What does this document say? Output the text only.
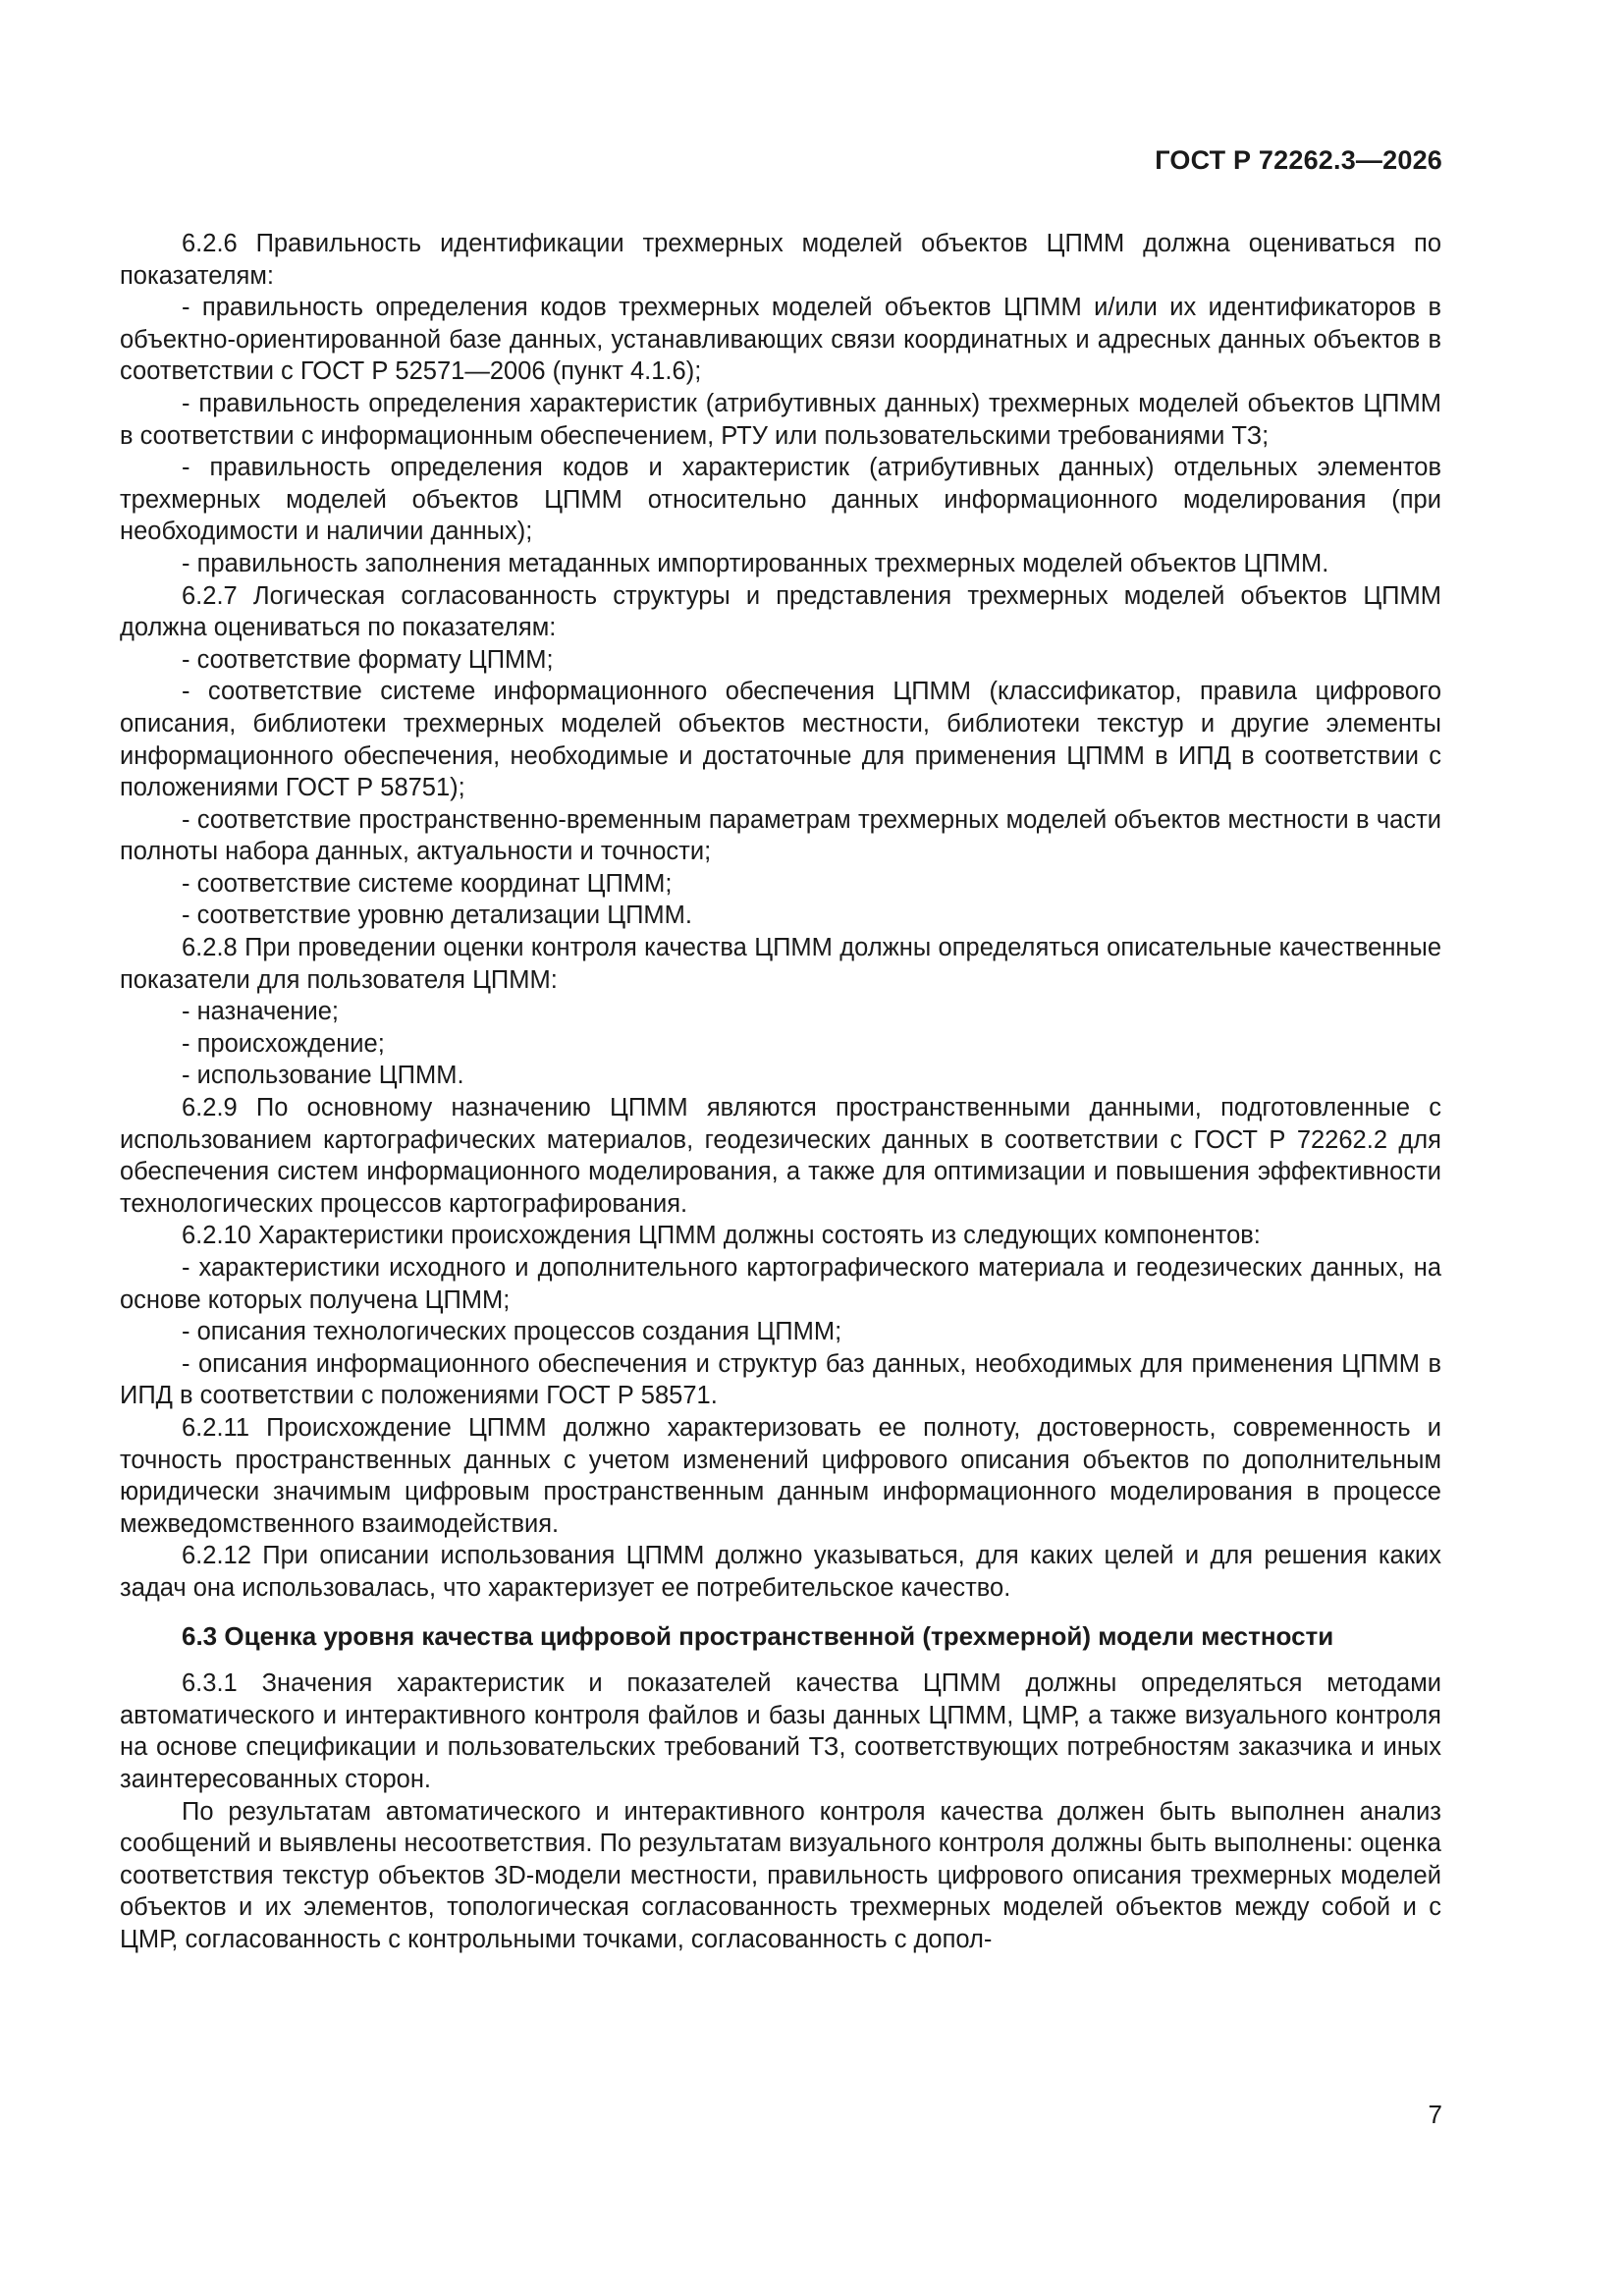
ГОСТ Р 72262.3—2026

6.2.6 Правильность идентификации трехмерных моделей объектов ЦПММ должна оцениваться по показателям:

- правильность определения кодов трехмерных моделей объектов ЦПММ и/или их идентификаторов в объектно-ориентированной базе данных, устанавливающих связи координатных и адресных данных объектов в соответствии с ГОСТ Р 52571—2006 (пункт 4.1.6);

- правильность определения характеристик (атрибутивных данных) трехмерных моделей объектов ЦПММ в соответствии с информационным обеспечением, РТУ или пользовательскими требованиями ТЗ;

- правильность определения кодов и характеристик (атрибутивных данных) отдельных элементов трехмерных моделей объектов ЦПММ относительно данных информационного моделирования (при необходимости и наличии данных);

- правильность заполнения метаданных импортированных трехмерных моделей объектов ЦПММ.

6.2.7 Логическая согласованность структуры и представления трехмерных моделей объектов ЦПММ должна оцениваться по показателям:

- соответствие формату ЦПММ;

- соответствие системе информационного обеспечения ЦПММ (классификатор, правила цифрового описания, библиотеки трехмерных моделей объектов местности, библиотеки текстур и другие элементы информационного обеспечения, необходимые и достаточные для применения ЦПММ в ИПД в соответствии с положениями ГОСТ Р 58751);

- соответствие пространственно-временным параметрам трехмерных моделей объектов местности в части полноты набора данных, актуальности и точности;

- соответствие системе координат ЦПММ;

- соответствие уровню детализации ЦПММ.

6.2.8 При проведении оценки контроля качества ЦПММ должны определяться описательные качественные показатели для пользователя ЦПММ:

- назначение;

- происхождение;

- использование ЦПММ.

6.2.9 По основному назначению ЦПММ являются пространственными данными, подготовленные с использованием картографических материалов, геодезических данных в соответствии с ГОСТ Р 72262.2 для обеспечения систем информационного моделирования, а также для оптимизации и повышения эффективности технологических процессов картографирования.

6.2.10 Характеристики происхождения ЦПММ должны состоять из следующих компонентов:

- характеристики исходного и дополнительного картографического материала и геодезических данных, на основе которых получена ЦПММ;

- описания технологических процессов создания ЦПММ;

- описания информационного обеспечения и структур баз данных, необходимых для применения ЦПММ в ИПД в соответствии с положениями ГОСТ Р 58571.

6.2.11 Происхождение ЦПММ должно характеризовать ее полноту, достоверность, современность и точность пространственных данных с учетом изменений цифрового описания объектов по дополнительным юридически значимым цифровым пространственным данным информационного моделирования в процессе межведомственного взаимодействия.

6.2.12 При описании использования ЦПММ должно указываться, для каких целей и для решения каких задач она использовалась, что характеризует ее потребительское качество.

6.3 Оценка уровня качества цифровой пространственной (трехмерной) модели местности

6.3.1 Значения характеристик и показателей качества ЦПММ должны определяться методами автоматического и интерактивного контроля файлов и базы данных ЦПММ, ЦМР, а также визуального контроля на основе спецификации и пользовательских требований ТЗ, соответствующих потребностям заказчика и иных заинтересованных сторон.

По результатам автоматического и интерактивного контроля качества должен быть выполнен анализ сообщений и выявлены несоответствия. По результатам визуального контроля должны быть выполнены: оценка соответствия текстур объектов 3D-модели местности, правильность цифрового описания трехмерных моделей объектов и их элементов, топологическая согласованность трехмерных моделей объектов между собой и с ЦМР, согласованность с контрольными точками, согласованность с допол-

7
